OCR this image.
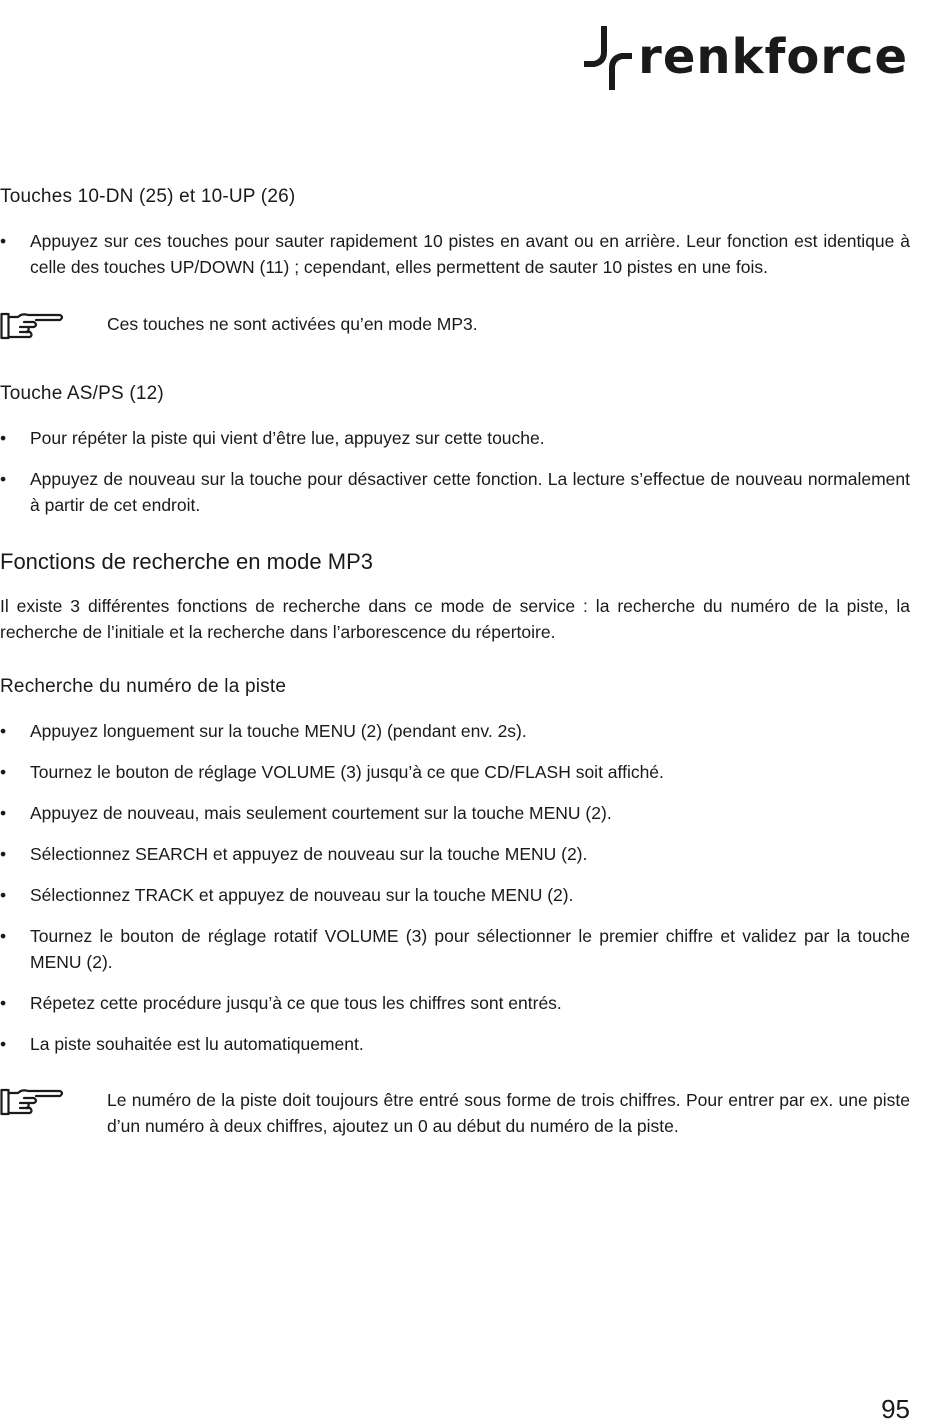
renkforce
Touches 10-DN (25) et 10-UP (26)
• Appuyez sur ces touches pour sauter rapidement 10 pistes en avant ou en arrière. Leur fonction est identique à celle des touches UP/DOWN (11) ; cependant, elles permettent de sauter 10 pistes en une fois.
Ces touches ne sont activées qu’en mode MP3.
Touche AS/PS (12)
• Pour répéter la piste qui vient d’être lue, appuyez sur cette touche.
• Appuyez de nouveau sur la touche pour désactiver cette fonction. La lecture s’effectue de nouveau normalement à partir de cet endroit.
Fonctions de recherche en mode MP3
Il existe 3 différentes fonctions de recherche dans ce mode de service : la recherche du numéro de la piste, la recherche de l’initiale et la recherche dans l’arborescence du répertoire.
Recherche du numéro de la piste
• Appuyez longuement sur la touche MENU (2) (pendant env. 2s).
• Tournez le bouton de réglage VOLUME (3) jusqu’à ce que CD/FLASH soit affiché.
• Appuyez de nouveau, mais seulement courtement sur la touche MENU (2).
• Sélectionnez SEARCH et appuyez de nouveau sur la touche MENU (2).
• Sélectionnez TRACK et appuyez de nouveau sur la touche MENU (2).
• Tournez le bouton de réglage rotatif VOLUME (3) pour sélectionner le premier chiffre et validez par la touche MENU (2).
• Répetez cette procédure jusqu’à ce que tous les chiffres sont entrés.
• La piste souhaitée est lu automatiquement.
Le numéro de la piste doit toujours être entré sous forme de trois chiffres. Pour entrer par ex. une piste d’un numéro à deux chiffres, ajoutez un 0 au début du numéro de la piste.
95
